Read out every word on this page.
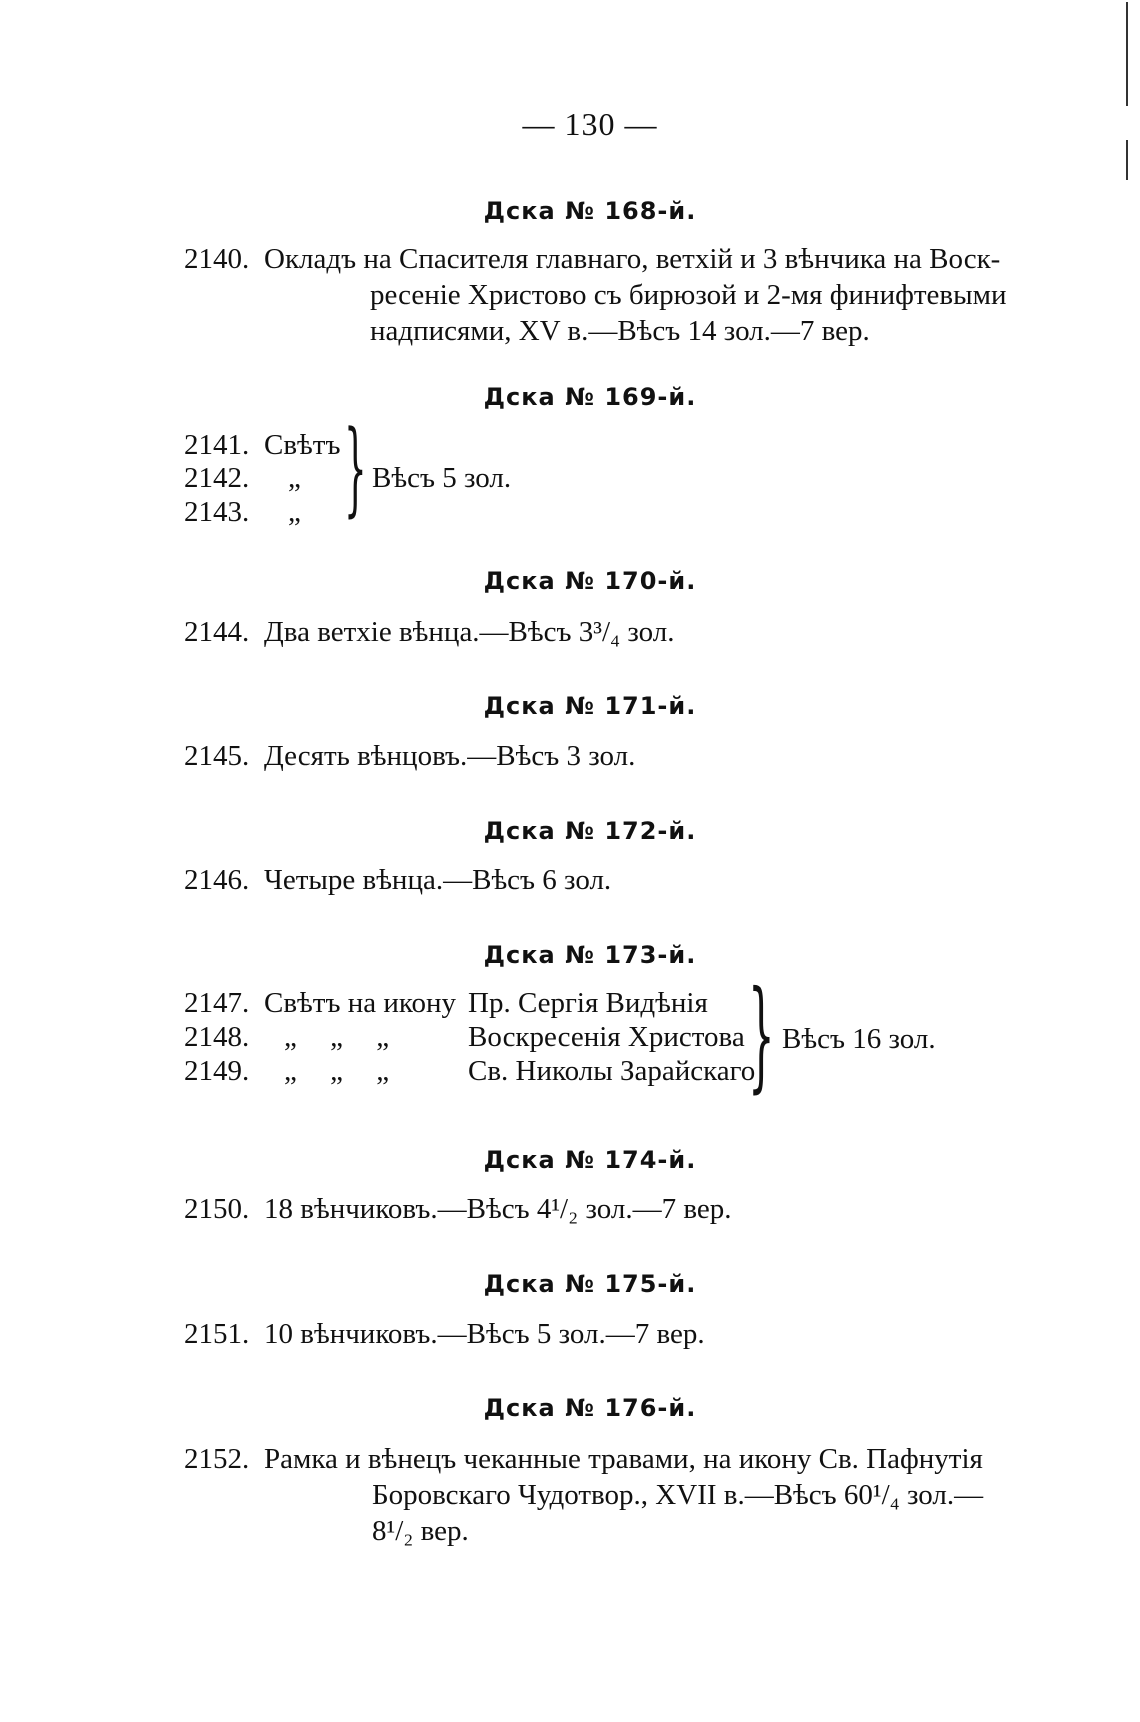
— 130 —
Дска № 168-й.
2140. Окладъ на Спасителя главнаго, ветхій и 3 вѣнчика на Воск-
ресеніе Христово съ бирюзой и 2-мя финифтевыми
надписями, XV в.—Вѣсъ 14 зол.—7 вер.
Дска № 169-й.
2141.
2142.
2143.
Свѣтъ
„
„ } Вѣсъ 5 зол.
Дска № 170-й.
2144. Два ветхіе вѣнца.—Вѣсъ 3³/₄ зол.
Дска № 171-й.
2145. Десять вѣнцовъ.—Вѣсъ 3 зол.
Дска № 172-й.
2146. Четыре вѣнца.—Вѣсъ 6 зол.
Дска № 173-й.
2147.
2148.
2149.
Свѣтъ на икону
„ „ „
„ „ „
Пр. Сергія Видѣнія
Воскресенія Христова
Св. Николы Зарайскаго
} Вѣсъ 16 зол.
Дска № 174-й.
2150. 18 вѣнчиковъ.—Вѣсъ 4¹/₂ зол.—7 вер.
Дска № 175-й.
2151. 10 вѣнчиковъ.—Вѣсъ 5 зол.—7 вер.
Дска № 176-й.
2152. Рамка и вѣнецъ чеканные травами, на икону Св. Пафнутія
Боровскаго Чудотвор., XVII в.—Вѣсъ 60¹/₄ зол.—
8¹/₂ вер.
